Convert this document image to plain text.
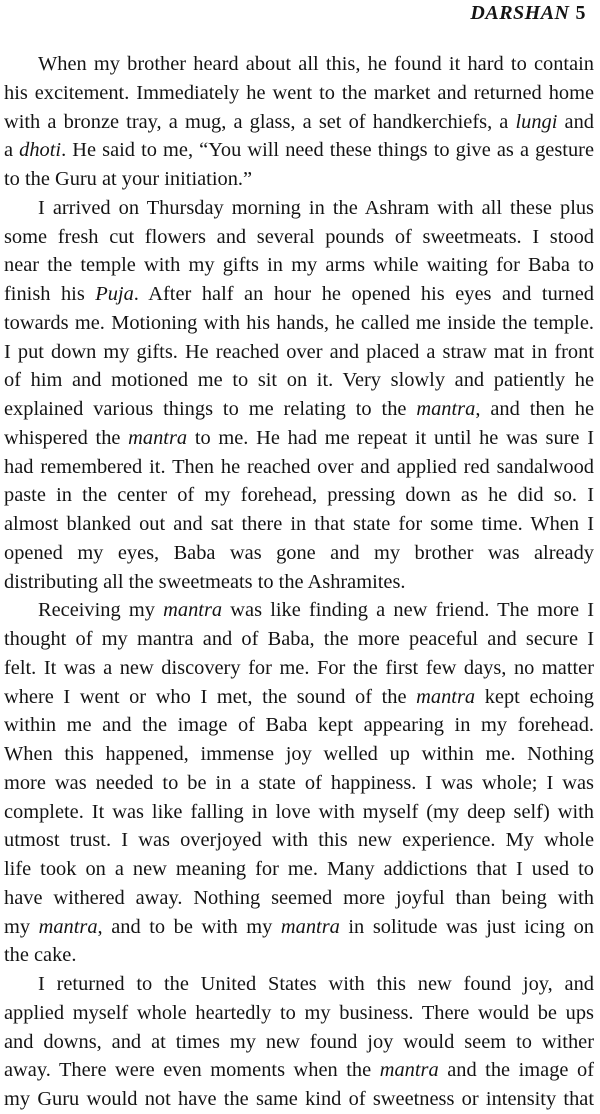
DARSHAN 5
When my brother heard about all this, he found it hard to contain
his excitement. Immediately he went to the market and returned home
with a bronze tray, a mug, a glass, a set of handkerchiefs, a lungi and
a dhoti. He said to me, “You will need these things to give as a gesture
to the Guru at your initiation.”
I arrived on Thursday morning in the Ashram with all these plus
some fresh cut flowers and several pounds of sweetmeats. I stood
near the temple with my gifts in my arms while waiting for Baba to
finish his Puja. After half an hour he opened his eyes and turned
towards me. Motioning with his hands, he called me inside the temple.
I put down my gifts. He reached over and placed a straw mat in front
of him and motioned me to sit on it. Very slowly and patiently he
explained various things to me relating to the mantra, and then he
whispered the mantra to me. He had me repeat it until he was sure I
had remembered it. Then he reached over and applied red sandalwood
paste in the center of my forehead, pressing down as he did so. I
almost blanked out and sat there in that state for some time. When I
opened my eyes, Baba was gone and my brother was already
distributing all the sweetmeats to the Ashramites.
Receiving my mantra was like finding a new friend. The more I
thought of my mantra and of Baba, the more peaceful and secure I
felt. It was a new discovery for me. For the first few days, no matter
where I went or who I met, the sound of the mantra kept echoing
within me and the image of Baba kept appearing in my forehead.
When this happened, immense joy welled up within me. Nothing
more was needed to be in a state of happiness. I was whole; I was
complete. It was like falling in love with myself (my deep self) with
utmost trust. I was overjoyed with this new experience. My whole
life took on a new meaning for me. Many addictions that I used to
have withered away. Nothing seemed more joyful than being with
my mantra, and to be with my mantra in solitude was just icing on
the cake.
I returned to the United States with this new found joy, and
applied myself whole heartedly to my business. There would be ups
and downs, and at times my new found joy would seem to wither
away. There were even moments when the mantra and the image of
my Guru would not have the same kind of sweetness or intensity that
